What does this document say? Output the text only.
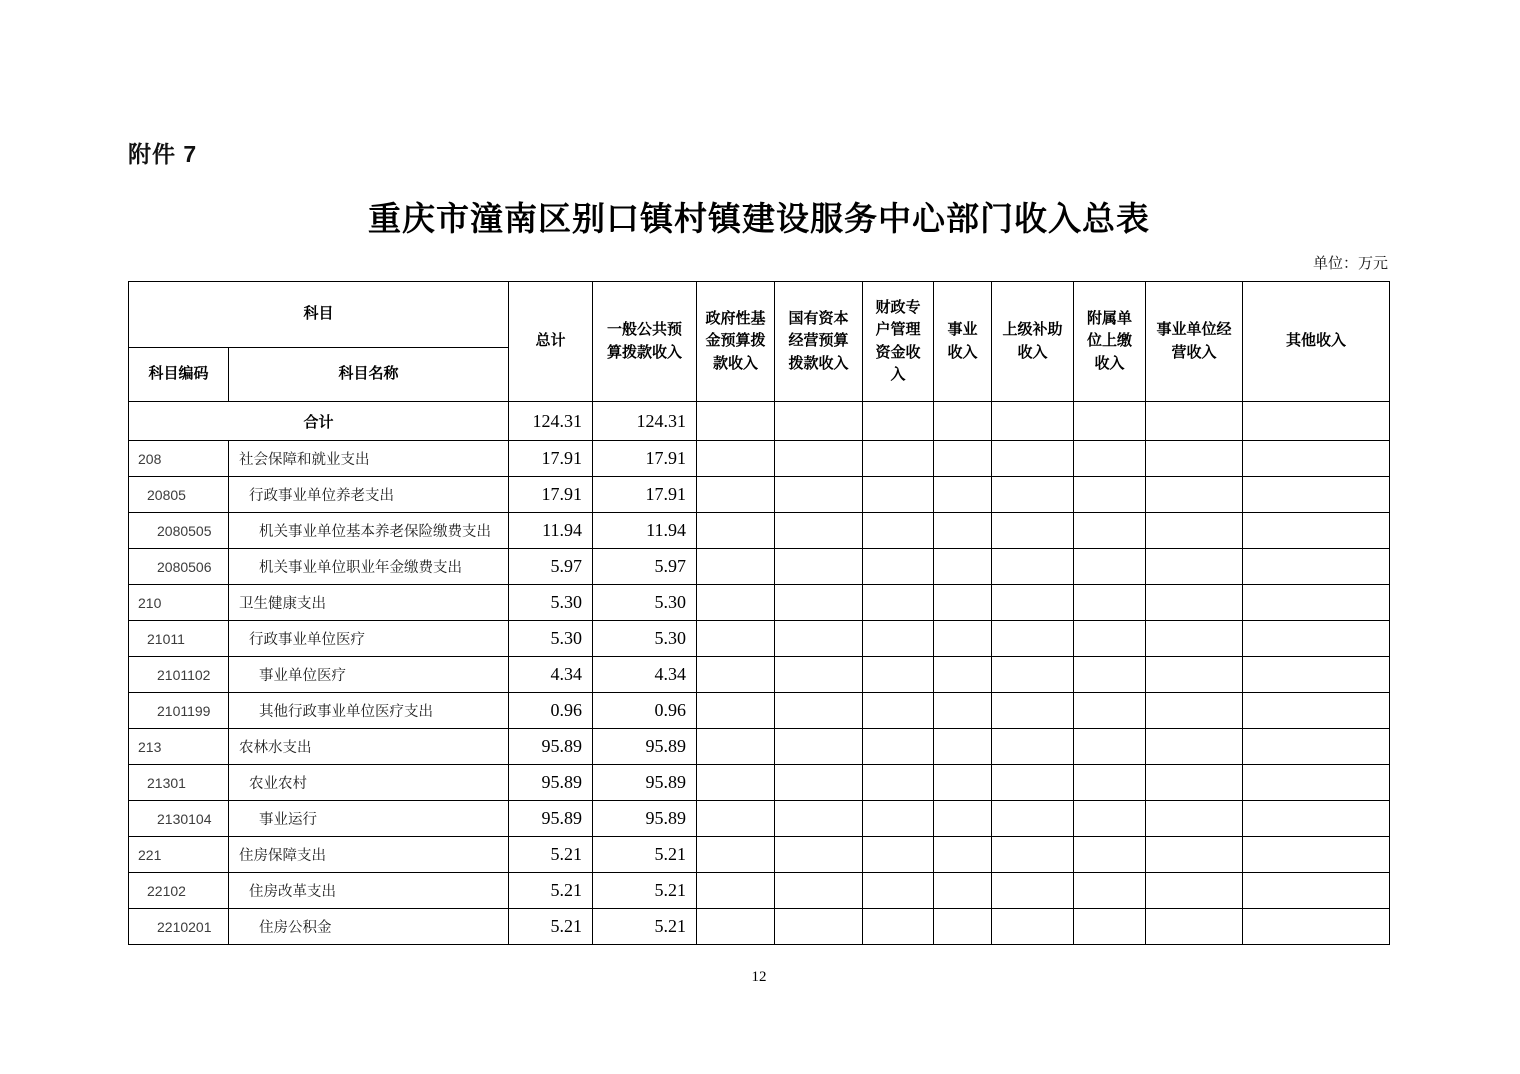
附件 7
重庆市潼南区别口镇村镇建设服务中心部门收入总表
单位：万元
科目		总计	一般公共预算拨款收入	政府性基金预算拨款收入	国有资本经营预算拨款收入	财政专户管理资金收入	事业收入	上级补助收入	附属单位上缴收入	事业单位经营收入	其他收入
科目编码	科目名称										
合计		124.31	124.31								
208	社会保障和就业支出	17.91	17.91								
20805	行政事业单位养老支出	17.91	17.91								
2080505	机关事业单位基本养老保险缴费支出	11.94	11.94								
2080506	机关事业单位职业年金缴费支出	5.97	5.97								
210	卫生健康支出	5.30	5.30								
21011	行政事业单位医疗	5.30	5.30								
2101102	事业单位医疗	4.34	4.34								
2101199	其他行政事业单位医疗支出	0.96	0.96								
213	农林水支出	95.89	95.89								
21301	农业农村	95.89	95.89								
2130104	事业运行	95.89	95.89								
221	住房保障支出	5.21	5.21								
22102	住房改革支出	5.21	5.21								
2210201	住房公积金	5.21	5.21								
12
